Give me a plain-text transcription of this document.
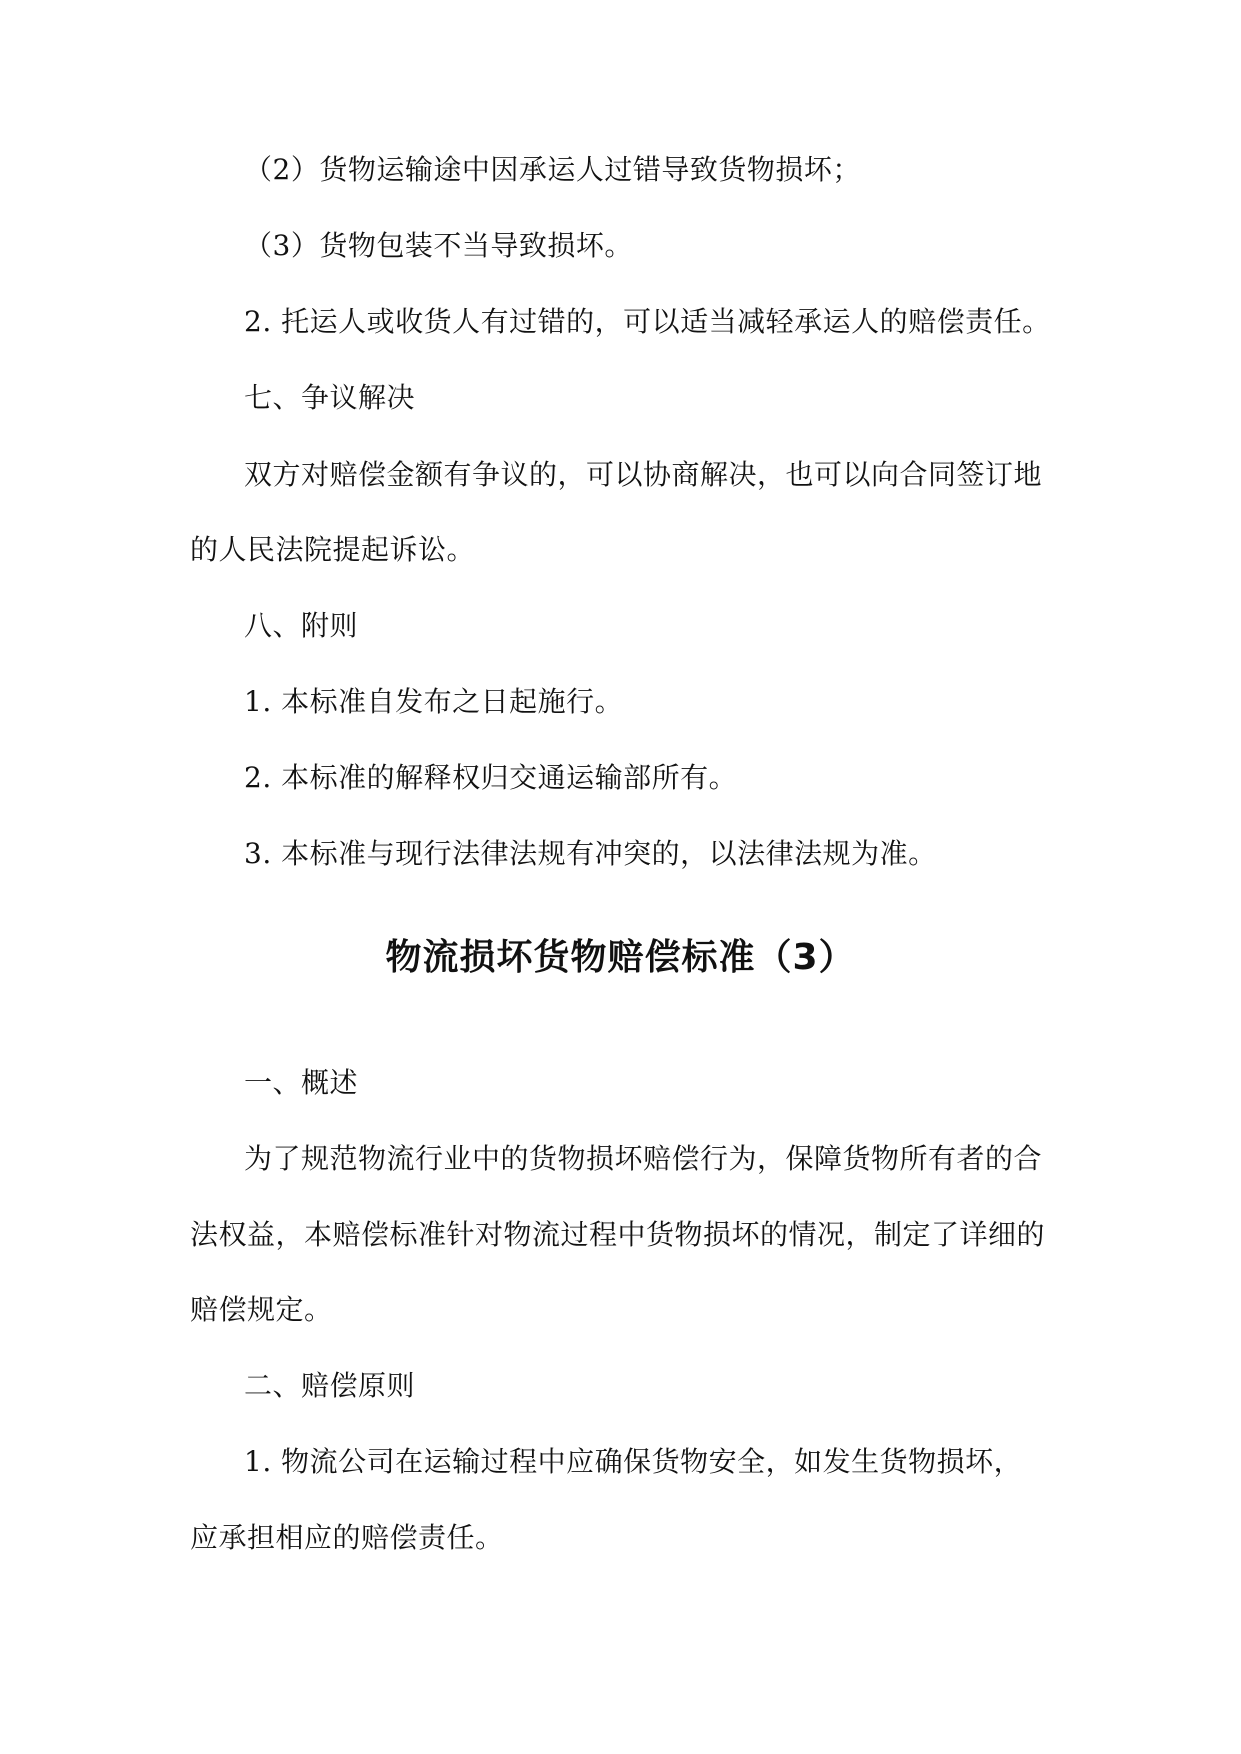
（2）货物运输途中因承运人过错导致货物损坏；
（3）货物包装不当导致损坏。
2. 托运人或收货人有过错的，可以适当减轻承运人的赔偿责任。
七、争议解决
双方对赔偿金额有争议的，可以协商解决，也可以向合同签订地
的人民法院提起诉讼。
八、附则
1. 本标准自发布之日起施行。
2. 本标准的解释权归交通运输部所有。
3. 本标准与现行法律法规有冲突的，以法律法规为准。
物流损坏货物赔偿标准（3）
一、概述
为了规范物流行业中的货物损坏赔偿行为，保障货物所有者的合
法权益，本赔偿标准针对物流过程中货物损坏的情况，制定了详细的
赔偿规定。
二、赔偿原则
1. 物流公司在运输过程中应确保货物安全，如发生货物损坏，
应承担相应的赔偿责任。
